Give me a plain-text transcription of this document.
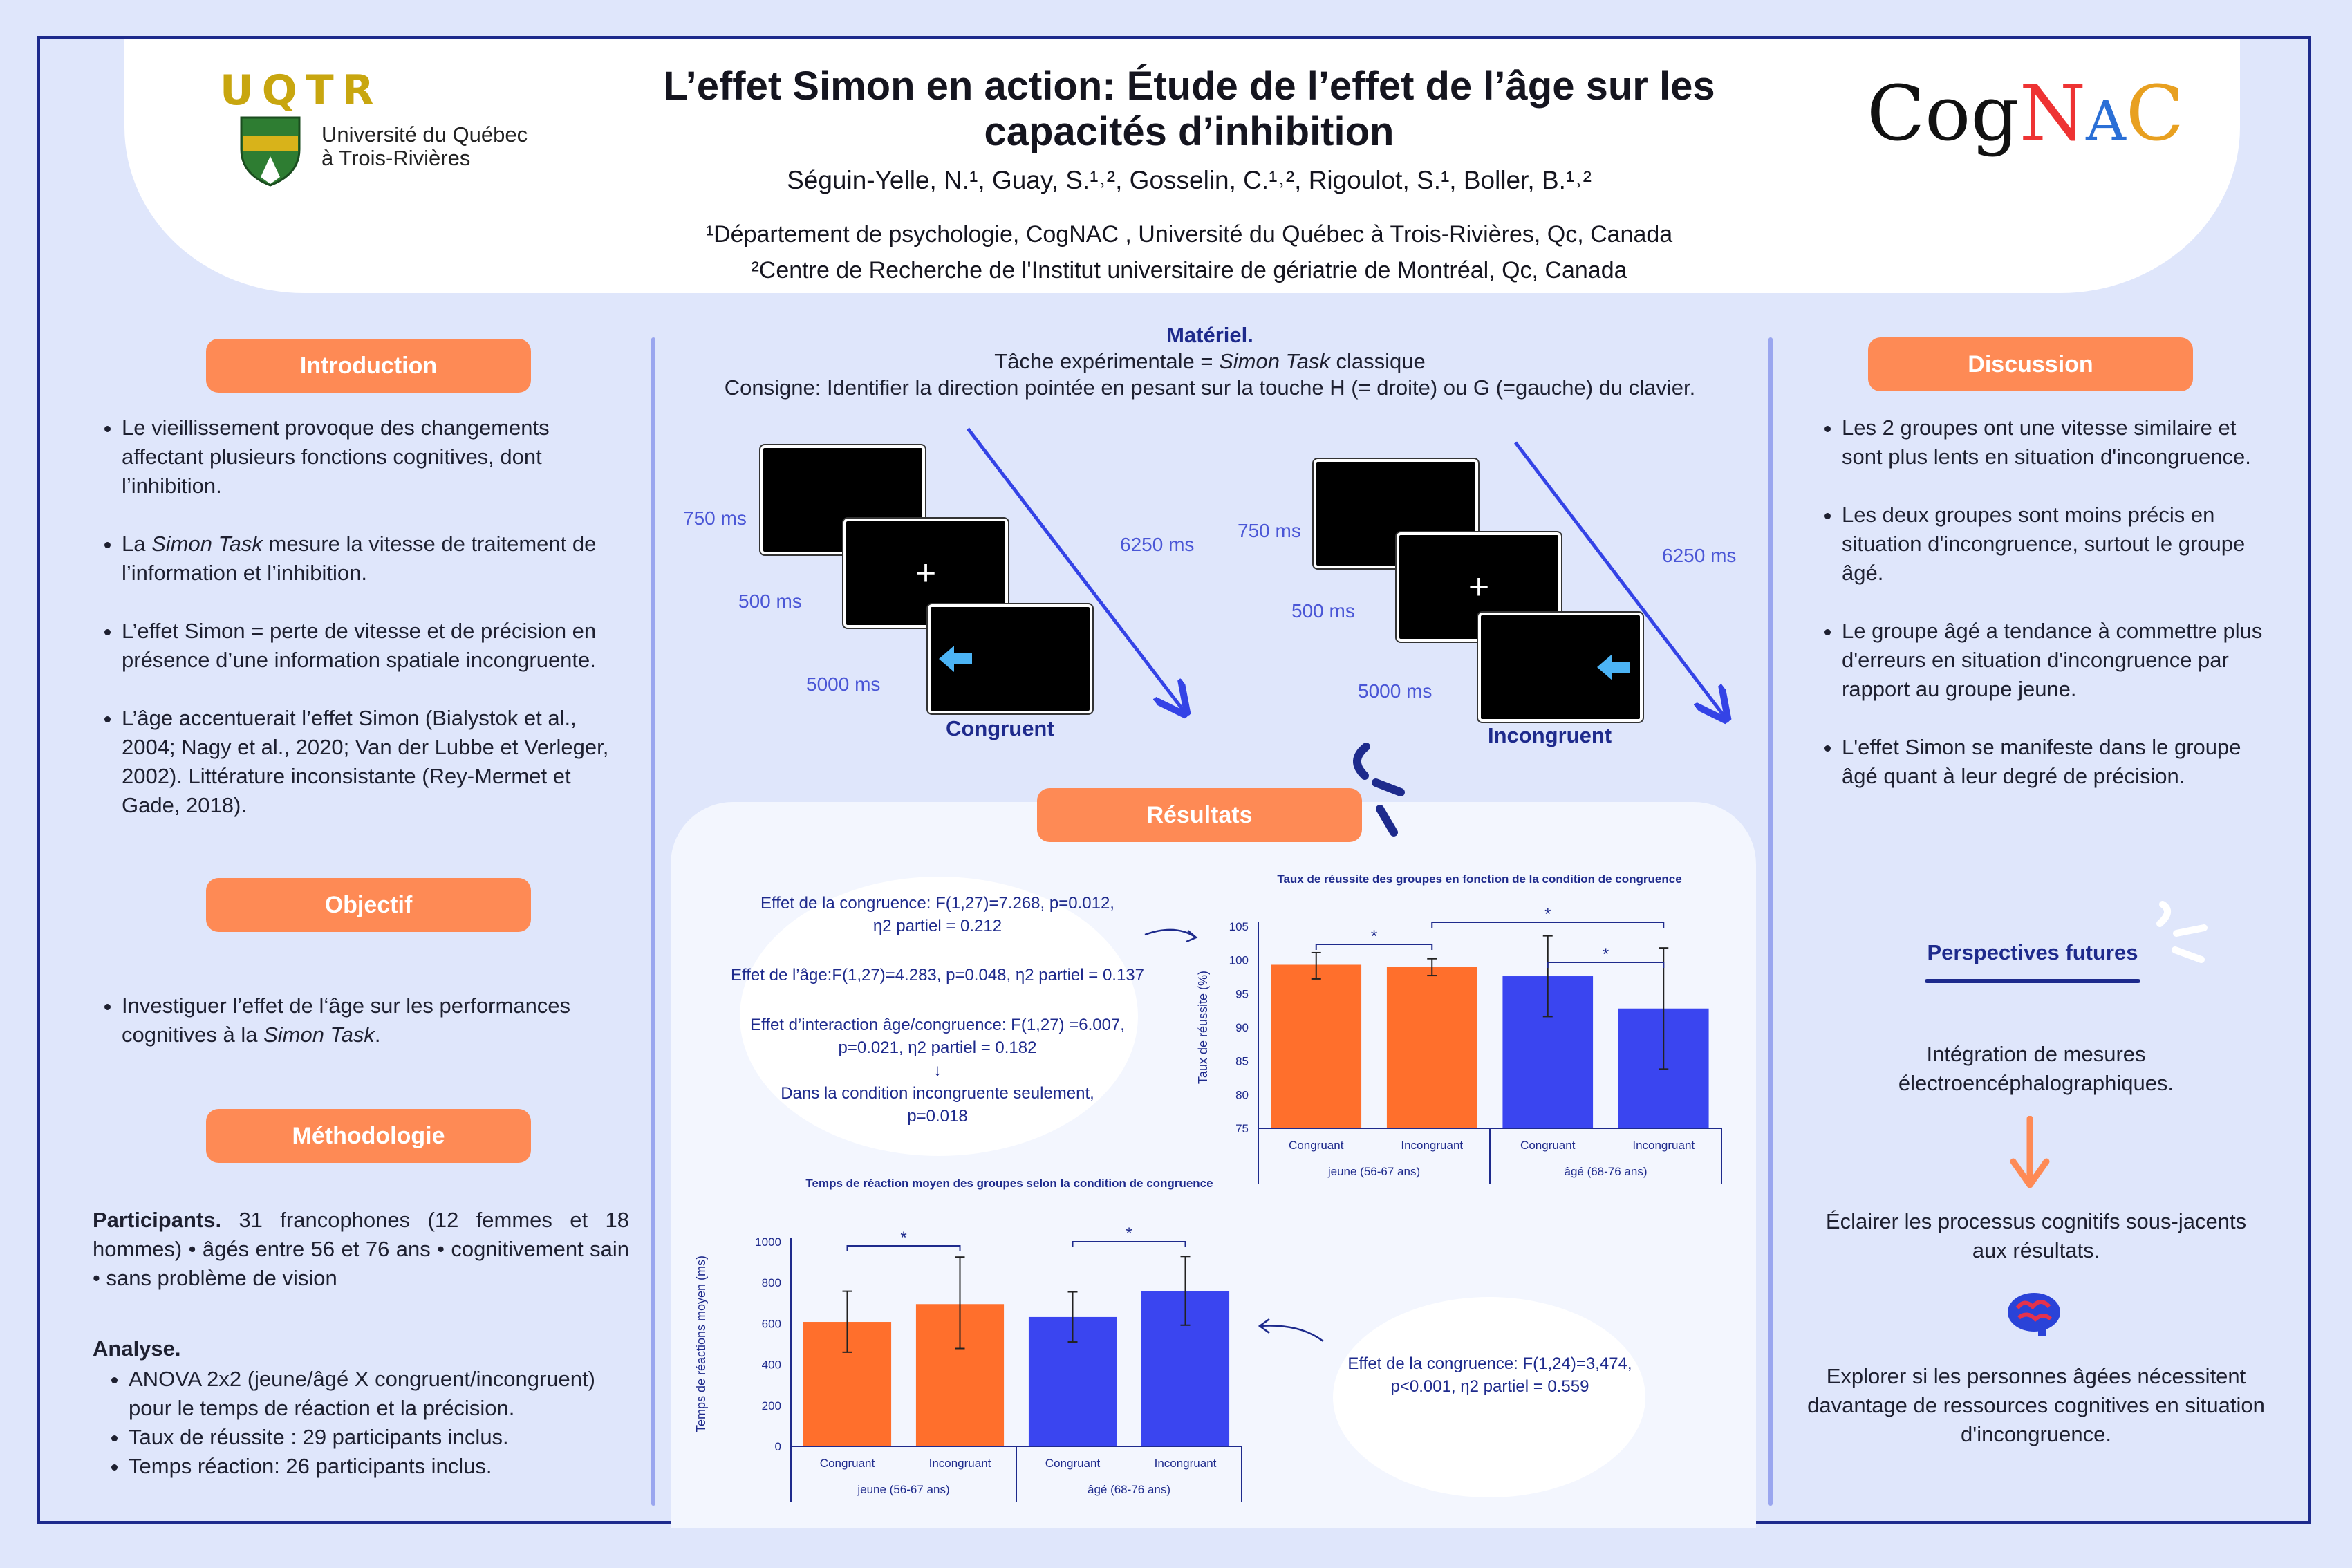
UQTR
Université du Québec
à Trois-Rivières
CogNAC
L’effet Simon en action: Étude de l’effet de l’âge sur les
capacités d’inhibition
Séguin-Yelle, N.¹, Guay, S.¹˒², Gosselin, C.¹˒², Rigoulot, S.¹, Boller, B.¹˒²
¹Département de psychologie, CogNAC , Université du Québec à Trois-Rivières, Qc, Canada
²Centre de Recherche de l'Institut universitaire de gériatrie de Montréal, Qc, Canada
Introduction
• Le vieillissement provoque des changements affectant plusieurs fonctions cognitives, dont l’inhibition.
• La Simon Task mesure la vitesse de traitement de l’information et l’inhibition.
• L’effet Simon = perte de vitesse et de précision en présence d’une information spatiale incongruente.
• L’âge accentuerait l’effet Simon (Bialystok et al., 2004; Nagy et al., 2020; Van der Lubbe et Verleger, 2002). Littérature inconsistante (Rey-Mermet et Gade, 2018).
Objectif
• Investiguer l’effet de l‘âge sur les performances cognitives à la Simon Task.
Méthodologie
Participants. 31 francophones (12 femmes et 18 hommes) • âgés entre 56 et 76 ans • cognitivement sain • sans problème de vision
Analyse.
• ANOVA 2x2 (jeune/âgé X congruent/incongruent) pour le temps de réaction et la précision.
• Taux de réussite : 29 participants inclus.
• Temps réaction: 26 participants inclus.
Matériel.
Tâche expérimentale = Simon Task classique
Consigne: Identifier la direction pointée en pesant sur la touche H (= droite) ou G (=gauche) du clavier.
+
750 ms
500 ms
5000 ms
6250 ms
Congruent
+
750 ms
500 ms
5000 ms
6250 ms
Incongruent
Résultats
Effet de la congruence: F(1,27)=7.268, p=0.012,
η2 partiel = 0.212
Effet de l’âge:F(1,27)=4.283, p=0.048, η2 partiel = 0.137
Effet d’interaction âge/congruence: F(1,27) =6.007,
p=0.021, η2 partiel = 0.182
↓
Dans la condition incongruente seulement,
p=0.018
Effet de la congruence: F(1,24)=3,474,
p<0.001, η2 partiel = 0.559
Taux de réussite des groupes en fonction de la condition de congruence
Taux de réussite (%)
75
80
85
90
95
100
105
Congruant	Incongruant	Congruant	Incongruant
jeune (56-67 ans)	âgé (68-76 ans)
*
*
*
Temps de réaction moyen des groupes selon la condition de congruence
Temps de réactions moyen (ms)
0
200
400
600
800
1000
Congruant	Incongruant	Congruant	Incongruant
jeune (56-67 ans)	âgé (68-76 ans)
*	*
Discussion
• Les 2 groupes ont une vitesse similaire et sont plus lents en situation d'incongruence.
• Les deux groupes sont moins précis en situation d'incongruence, surtout le groupe âgé.
• Le groupe âgé a tendance à commettre plus d'erreurs en situation d'incongruence par rapport au groupe jeune.
• L'effet Simon se manifeste dans le groupe âgé quant à leur degré de précision.
Perspectives futures
Intégration de mesures électroencéphalographiques.
Éclairer les processus cognitifs sous-jacents aux résultats.
Explorer si les personnes âgées nécessitent davantage de ressources cognitives en situation d'incongruence.
